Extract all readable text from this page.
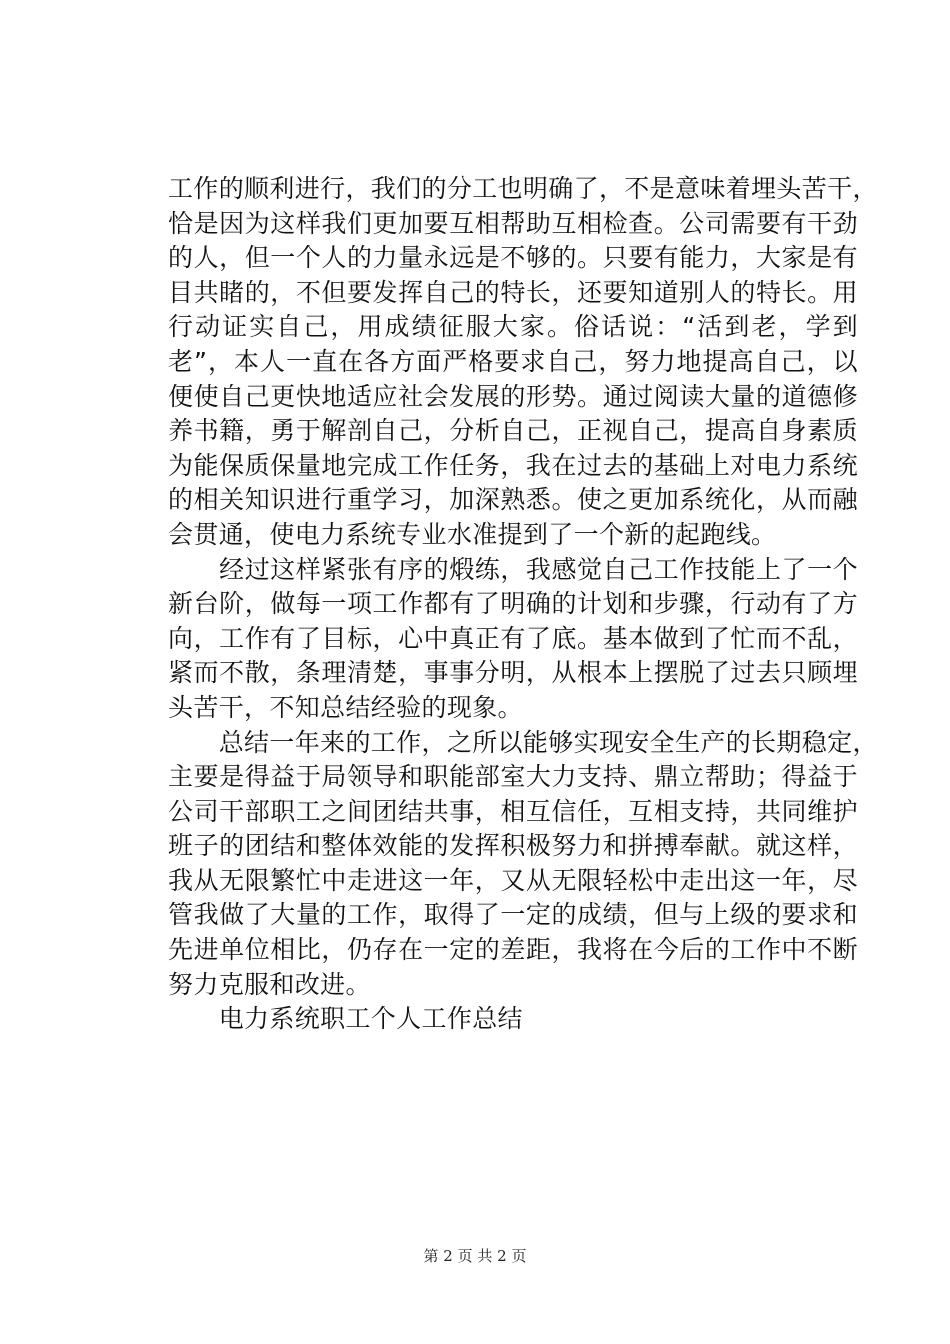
工作的顺利进行，我们的分工也明确了，不是意味着埋头苦干，
恰是因为这样我们更加要互相帮助互相检查。公司需要有干劲
的人，但一个人的力量永远是不够的。只要有能力，大家是有
目共睹的，不但要发挥自己的特长，还要知道别人的特长。用
行动证实自己，用成绩征服大家。俗话说：“活到老，学到
老”，本人一直在各方面严格要求自己，努力地提高自己，以
便使自己更快地适应社会发展的形势。通过阅读大量的道德修
养书籍，勇于解剖自己，分析自己，正视自己，提高自身素质
为能保质保量地完成工作任务，我在过去的基础上对电力系统
的相关知识进行重学习，加深熟悉。使之更加系统化，从而融
会贯通，使电力系统专业水准提到了一个新的起跑线。
　　经过这样紧张有序的煅练，我感觉自己工作技能上了一个
新台阶，做每一项工作都有了明确的计划和步骤，行动有了方
向，工作有了目标，心中真正有了底。基本做到了忙而不乱，
紧而不散，条理清楚，事事分明，从根本上摆脱了过去只顾埋
头苦干，不知总结经验的现象。
　　总结一年来的工作，之所以能够实现安全生产的长期稳定，
主要是得益于局领导和职能部室大力支持、鼎立帮助；得益于
公司干部职工之间团结共事，相互信任，互相支持，共同维护
班子的团结和整体效能的发挥积极努力和拼搏奉献。就这样，
我从无限繁忙中走进这一年，又从无限轻松中走出这一年，尽
管我做了大量的工作，取得了一定的成绩，但与上级的要求和
先进单位相比，仍存在一定的差距，我将在今后的工作中不断
努力克服和改进。
　　电力系统职工个人工作总结
第 2 页 共 2 页
